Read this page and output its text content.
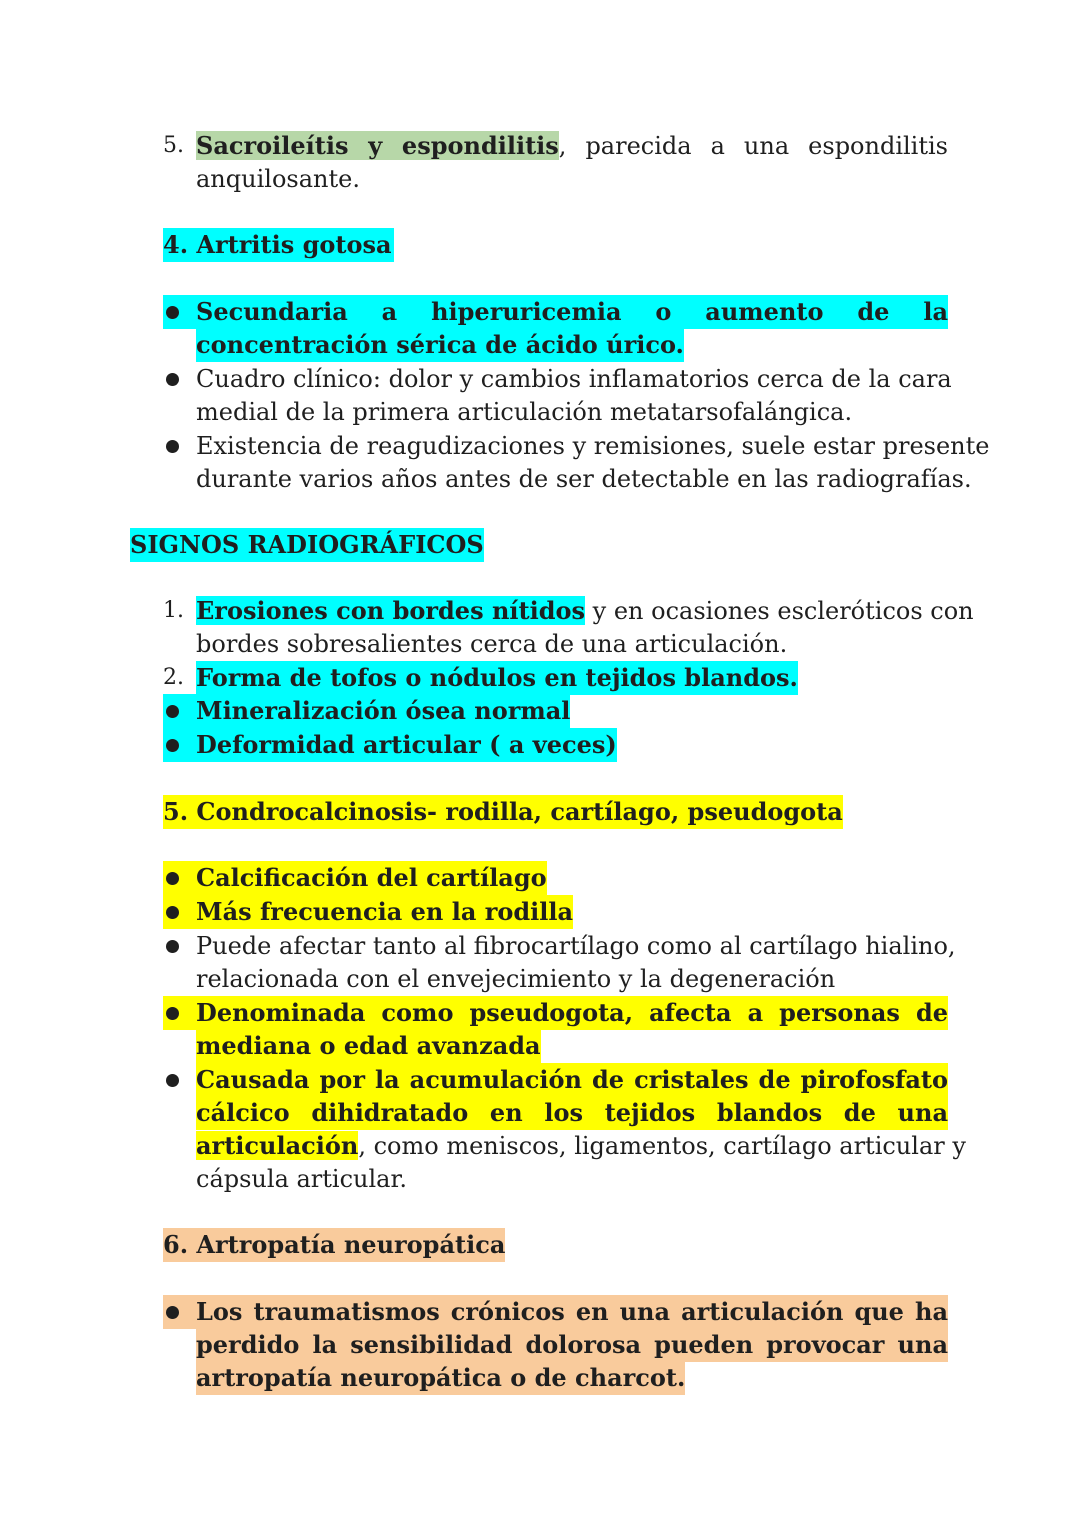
5. Sacroileítis y espondilitis, parecida a una espondilitis
anquilosante.
4. Artritis gotosa
Secundaria a hiperuricemia o aumento de la
concentración sérica de ácido úrico.
Cuadro clínico: dolor y cambios inflamatorios cerca de la cara
medial de la primera articulación metatarsofalángica.
Existencia de reagudizaciones y remisiones, suele estar presente
durante varios años antes de ser detectable en las radiografías.
SIGNOS RADIOGRÁFICOS
1. Erosiones con bordes nítidos y en ocasiones escleróticos con
bordes sobresalientes cerca de una articulación.
2. Forma de tofos o nódulos en tejidos blandos.
Mineralización ósea normal
Deformidad articular ( a veces)
5. Condrocalcinosis- rodilla, cartílago, pseudogota
Calcificación del cartílago
Más frecuencia en la rodilla
Puede afectar tanto al fibrocartílago como al cartílago hialino,
relacionada con el envejecimiento y la degeneración
Denominada como pseudogota, afecta a personas de
mediana o edad avanzada
Causada por la acumulación de cristales de pirofosfato
cálcico dihidratado en los tejidos blandos de una
articulación, como meniscos, ligamentos, cartílago articular y
cápsula articular.
6. Artropatía neuropática
Los traumatismos crónicos en una articulación que ha
perdido la sensibilidad dolorosa pueden provocar una
artropatía neuropática o de charcot.
